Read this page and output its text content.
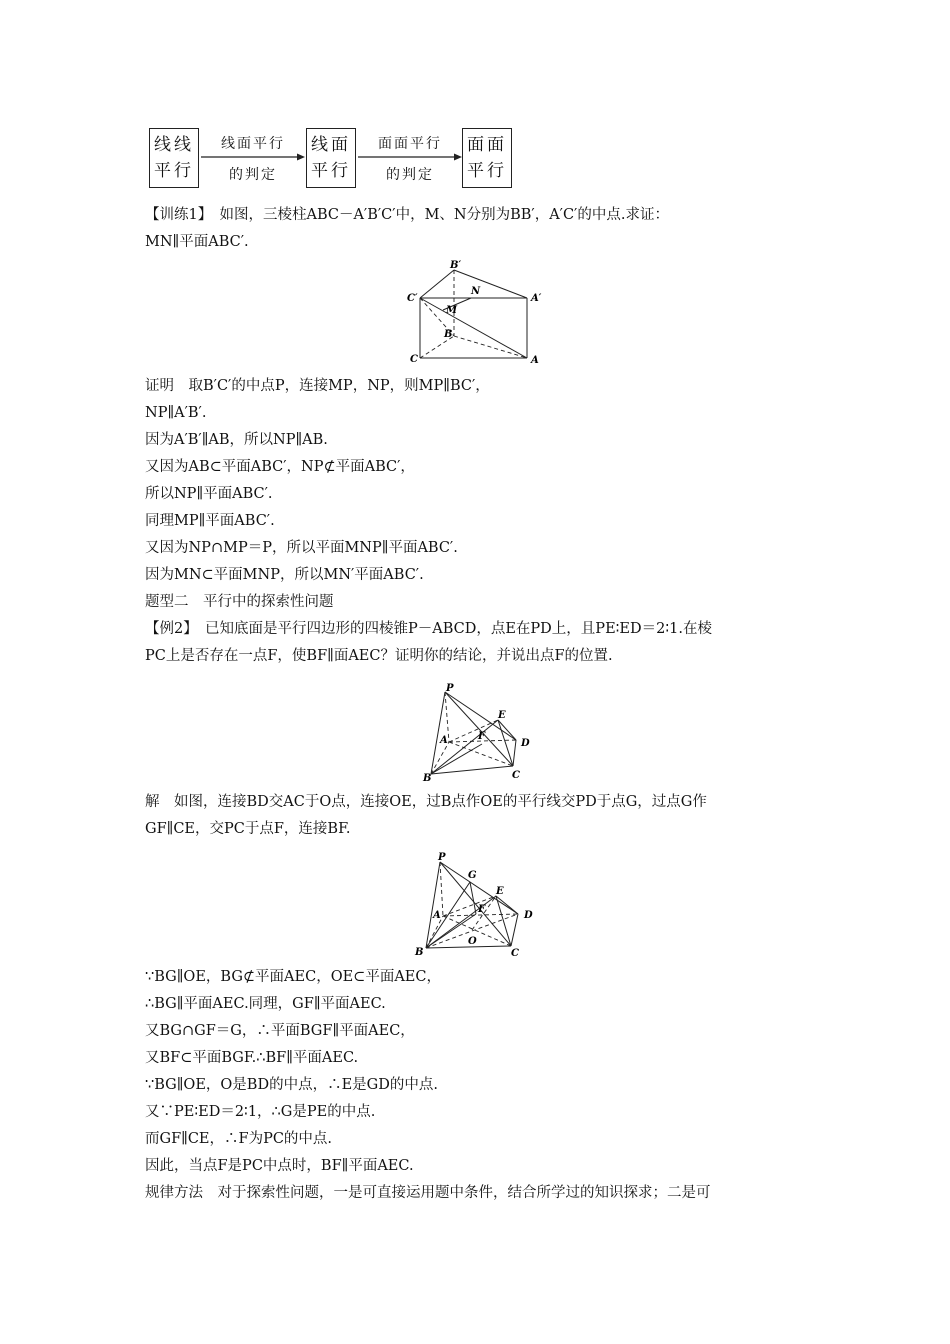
线线
平行
线面平行
的判定
线面
平行
面面平行
的判定
面面
平行
【训练1】　如图，三棱柱ABC－A′B′C′中，M、N分别为BB′，A′C′的中点.求证：
MN∥平面ABC′.
B′
C′
N
A′
M
B
C	A
证明　取B′C′的中点P，连接MP，NP，则MP∥BC′，
NP∥A′B′.
因为A′B′∥AB，所以NP∥AB.
又因为AB⊂平面ABC′，NP⊄平面ABC′，
所以NP∥平面ABC′.
同理MP∥平面ABC′.
又因为NP∩MP＝P，所以平面MNP∥平面ABC′.
因为MN⊂平面MNP，所以MN′平面ABC′.
题型二　平行中的探索性问题
【例2】　已知底面是平行四边形的四棱锥P－ABCD，点E在PD上，且PE∶ED＝2∶1.在棱
PC上是否存在一点F，使BF∥面AEC？证明你的结论，并说出点F的位置.
P
E
A	F
D
B	C
解　如图，连接BD交AC于O点，连接OE，过B点作OE的平行线交PD于点G，过点G作
GF∥CE，交PC于点F，连接BF.
P
G
E
A
F
D
O
B	C
∵BG∥OE，BG⊄平面AEC，OE⊂平面AEC，
∴BG∥平面AEC.同理，GF∥平面AEC.
又BG∩GF＝G，∴平面BGF∥平面AEC，
又BF⊂平面BGF.∴BF∥平面AEC.
∵BG∥OE，O是BD的中点，∴E是GD的中点.
又∵PE∶ED＝2∶1，∴G是PE的中点.
而GF∥CE，∴F为PC的中点.
因此，当点F是PC中点时，BF∥平面AEC.
规律方法　对于探索性问题，一是可直接运用题中条件，结合所学过的知识探求；二是可
